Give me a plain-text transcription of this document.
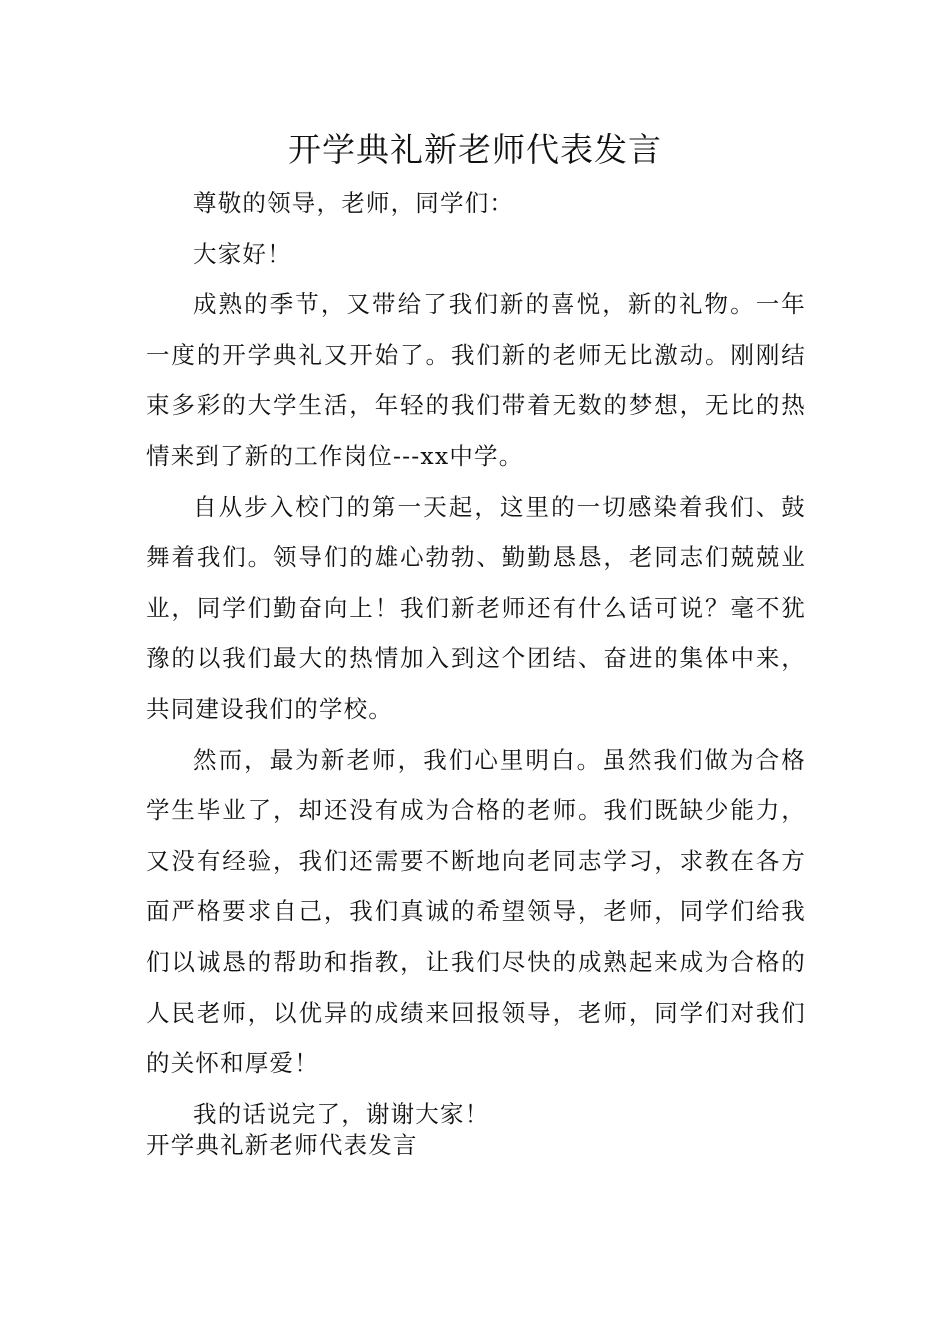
开学典礼新老师代表发言

尊敬的领导，老师，同学们：

大家好！

成熟的季节，又带给了我们新的喜悦，新的礼物。一年一度的开学典礼又开始了。我们新的老师无比激动。刚刚结束多彩的大学生活，年轻的我们带着无数的梦想，无比的热情来到了新的工作岗位---xx中学。

自从步入校门的第一天起，这里的一切感染着我们、鼓舞着我们。领导们的雄心勃勃、勤勤恳恳，老同志们兢兢业业，同学们勤奋向上！我们新老师还有什么话可说？毫不犹豫的以我们最大的热情加入到这个团结、奋进的集体中来，共同建设我们的学校。

然而，最为新老师，我们心里明白。虽然我们做为合格学生毕业了，却还没有成为合格的老师。我们既缺少能力，又没有经验，我们还需要不断地向老同志学习，求教在各方面严格要求自己，我们真诚的希望领导，老师，同学们给我们以诚恳的帮助和指教，让我们尽快的成熟起来成为合格的人民老师，以优异的成绩来回报领导，老师，同学们对我们的关怀和厚爱！

我的话说完了，谢谢大家！

开学典礼新老师代表发言
